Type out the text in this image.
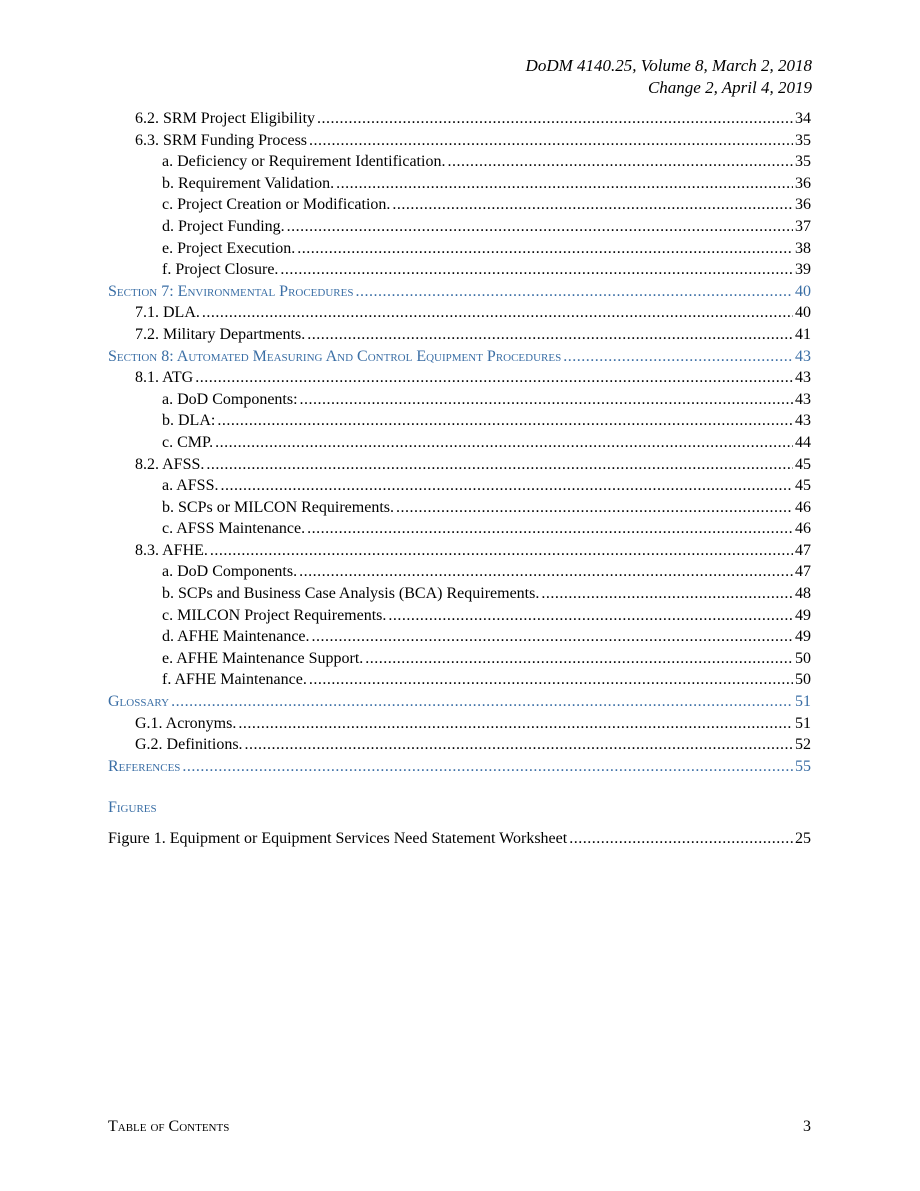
DoDM 4140.25, Volume 8, March 2, 2018
Change 2, April 4, 2019
6.2. SRM Project Eligibility .....	34
6.3. SRM Funding Process .....	35
a. Deficiency or Requirement Identification. .....	35
b. Requirement Validation. .....	36
c. Project Creation or Modification. .....	36
d. Project Funding. .....	37
e. Project Execution. .....	38
f. Project Closure. .....	39
Section 7: Environmental Procedures .....	40
7.1. DLA. .....	40
7.2. Military Departments. .....	41
Section 8: Automated Measuring And Control Equipment Procedures .....	43
8.1. ATG .....	43
a. DoD Components: .....	43
b. DLA: .....	43
c. CMP. .....	44
8.2. AFSS. .....	45
a. AFSS. .....	45
b. SCPs or MILCON Requirements. .....	46
c. AFSS Maintenance. .....	46
8.3. AFHE. .....	47
a. DoD Components. .....	47
b. SCPs and Business Case Analysis (BCA) Requirements. .....	48
c. MILCON Project Requirements. .....	49
d. AFHE Maintenance. .....	49
e. AFHE Maintenance Support. .....	50
f. AFHE Maintenance. .....	50
Glossary .....	51
G.1. Acronyms. .....	51
G.2. Definitions. .....	52
References .....	55
Figures
Figure 1. Equipment or Equipment Services Need Statement Worksheet .....	25
Table of Contents	3
